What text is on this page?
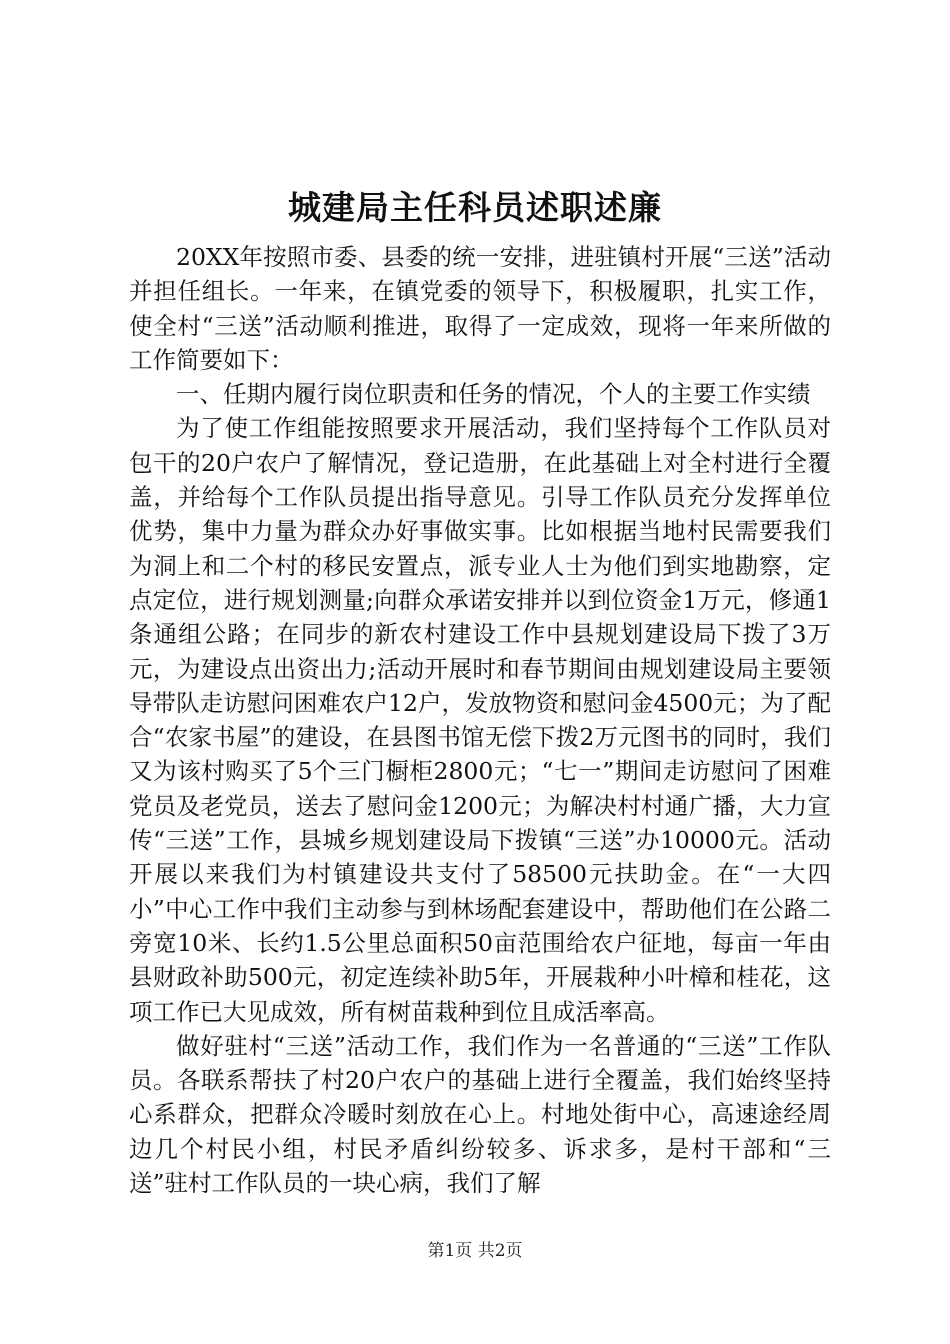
城建局主任科员述职述廉

20XX年按照市委、县委的统一安排，进驻镇村开展“三送”活动并担任组长。一年来，在镇党委的领导下，积极履职，扎实工作，使全村“三送”活动顺利推进，取得了一定成效，现将一年来所做的工作简要如下：

一、任期内履行岗位职责和任务的情况，个人的主要工作实绩

为了使工作组能按照要求开展活动，我们坚持每个工作队员对包干的20户农户了解情况，登记造册，在此基础上对全村进行全覆盖，并给每个工作队员提出指导意见。引导工作队员充分发挥单位优势，集中力量为群众办好事做实事。比如根据当地村民需要我们为洞上和二个村的移民安置点，派专业人士为他们到实地勘察，定点定位，进行规划测量;向群众承诺安排并以到位资金1万元，修通1条通组公路；在同步的新农村建设工作中县规划建设局下拨了3万元，为建设点出资出力;活动开展时和春节期间由规划建设局主要领导带队走访慰问困难农户12户，发放物资和慰问金4500元；为了配合“农家书屋”的建设，在县图书馆无偿下拨2万元图书的同时，我们又为该村购买了5个三门橱柜2800元；“七一”期间走访慰问了困难党员及老党员，送去了慰问金1200元；为解决村村通广播，大力宣传“三送”工作，县城乡规划建设局下拨镇“三送”办10000元。活动开展以来我们为村镇建设共支付了58500元扶助金。在“一大四小”中心工作中我们主动参与到林场配套建设中，帮助他们在公路二旁宽10米、长约1.5公里总面积50亩范围给农户征地，每亩一年由县财政补助500元，初定连续补助5年，开展栽种小叶樟和桂花，这项工作已大见成效，所有树苗栽种到位且成活率高。

做好驻村“三送”活动工作，我们作为一名普通的“三送”工作队员。各联系帮扶了村20户农户的基础上进行全覆盖，我们始终坚持心系群众，把群众冷暖时刻放在心上。村地处街中心，高速途经周边几个村民小组，村民矛盾纠纷较多、诉求多，是村干部和“三送”驻村工作队员的一块心病，我们了解

第1页 共2页
